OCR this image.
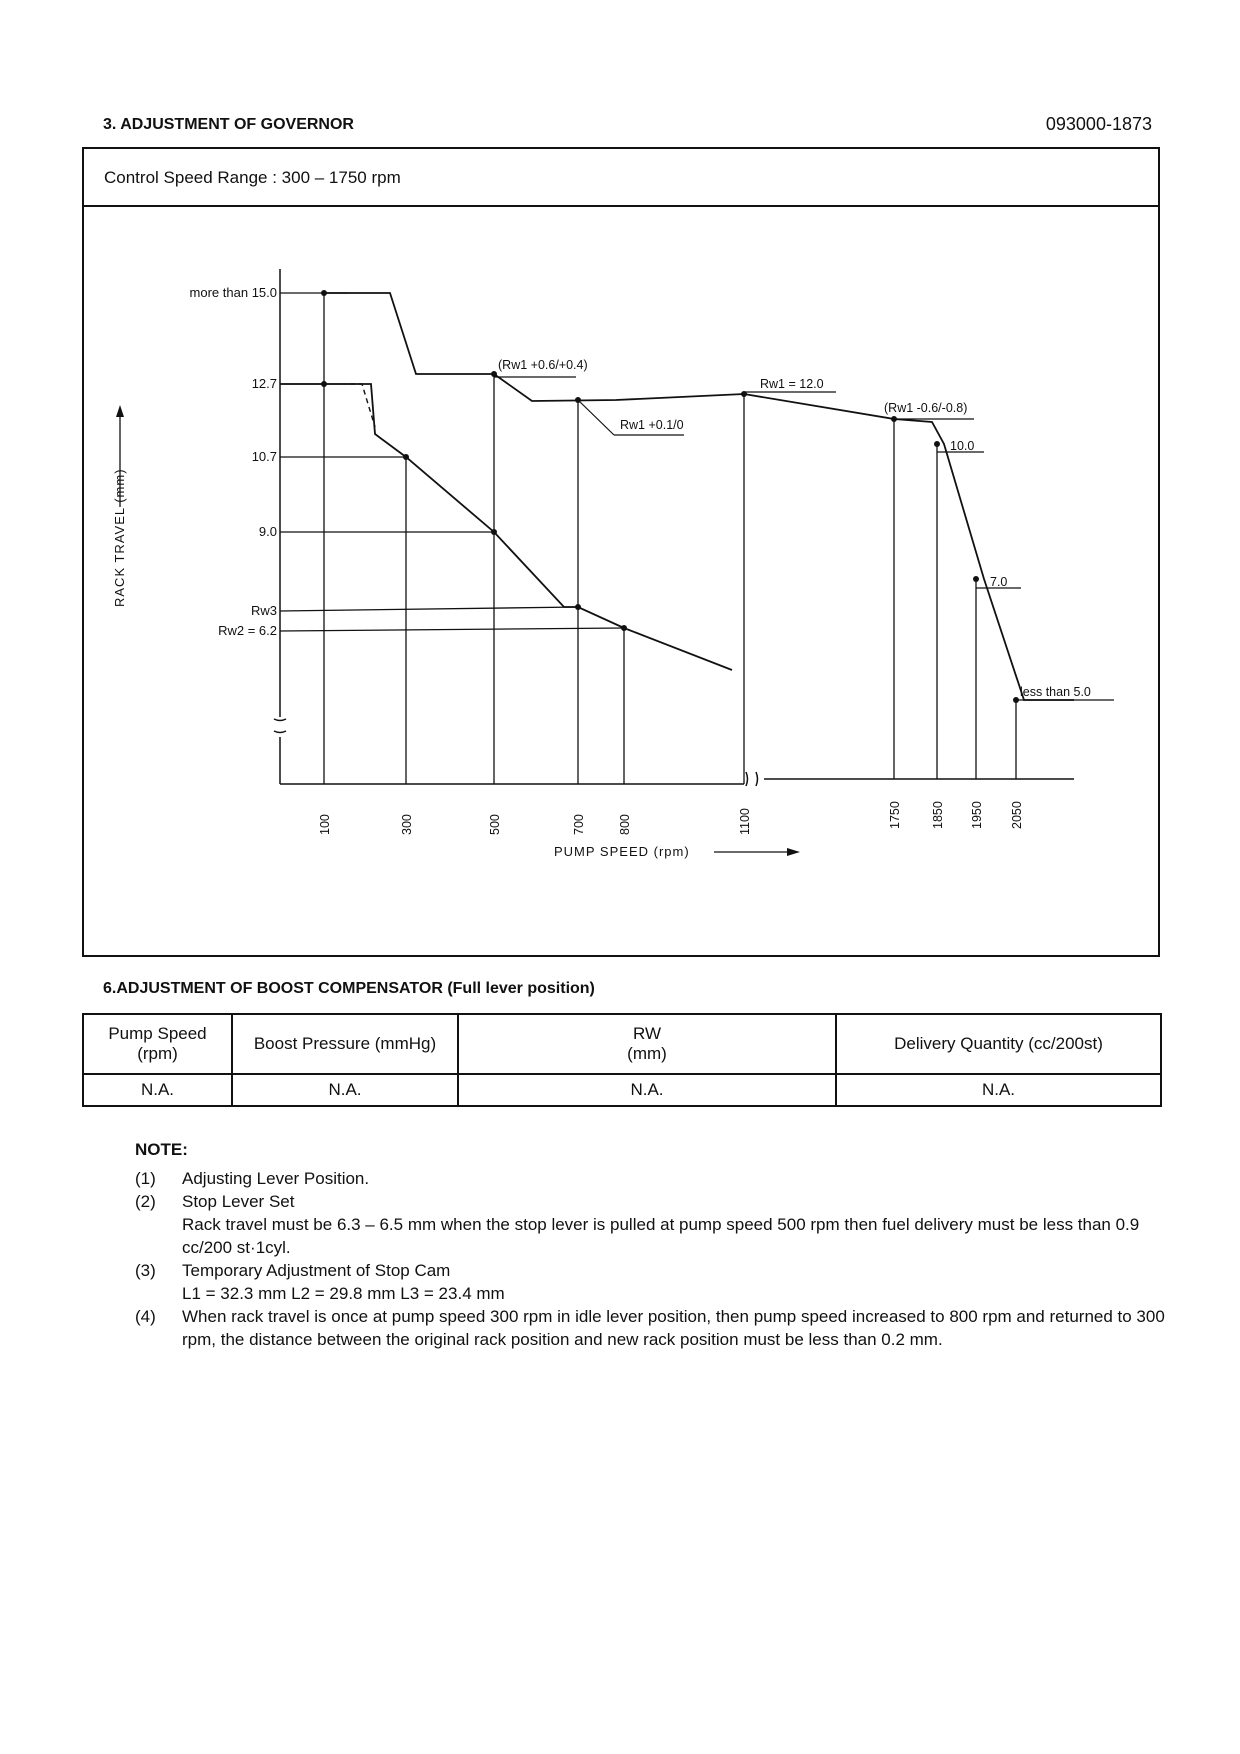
3. ADJUSTMENT OF GOVERNOR	093000-1873
Control Speed Range : 300 – 1750 rpm
RACK TRAVEL (mm)
PUMP SPEED (rpm)
more than 15.0
12.7
10.7
9.0
Rw3
Rw2 = 6.2
(Rw1 +0.6/+0.4)
Rw1 +0.1/0
Rw1 = 12.0
(Rw1 -0.6/-0.8)
10.0
7.0
less than 5.0
100	300	500	700	800	1100	1750 1850 1950 2050
6.ADJUSTMENT OF BOOST COMPENSATOR (Full lever position)
Pump Speed
(rpm)	Boost Pressure (mmHg)	RW
(mm)	Delivery Quantity (cc/200st)
N.A.	N.A.	N.A.	N.A.
NOTE:
(1)	Adjusting Lever Position.
(2)	Stop Lever Set
Rack travel must be 6.3 – 6.5 mm when the stop lever is pulled at pump speed 500 rpm then fuel delivery must be less than 0.9 cc/200 st·1cyl.
(3)	Temporary Adjustment of Stop Cam
L1 = 32.3 mm L2 = 29.8 mm L3 = 23.4 mm
(4)	When rack travel is once at pump speed 300 rpm in idle lever position, then pump speed increased to 800 rpm and returned to 300 rpm, the distance between the original rack position and new rack position must be less than 0.2 mm.
